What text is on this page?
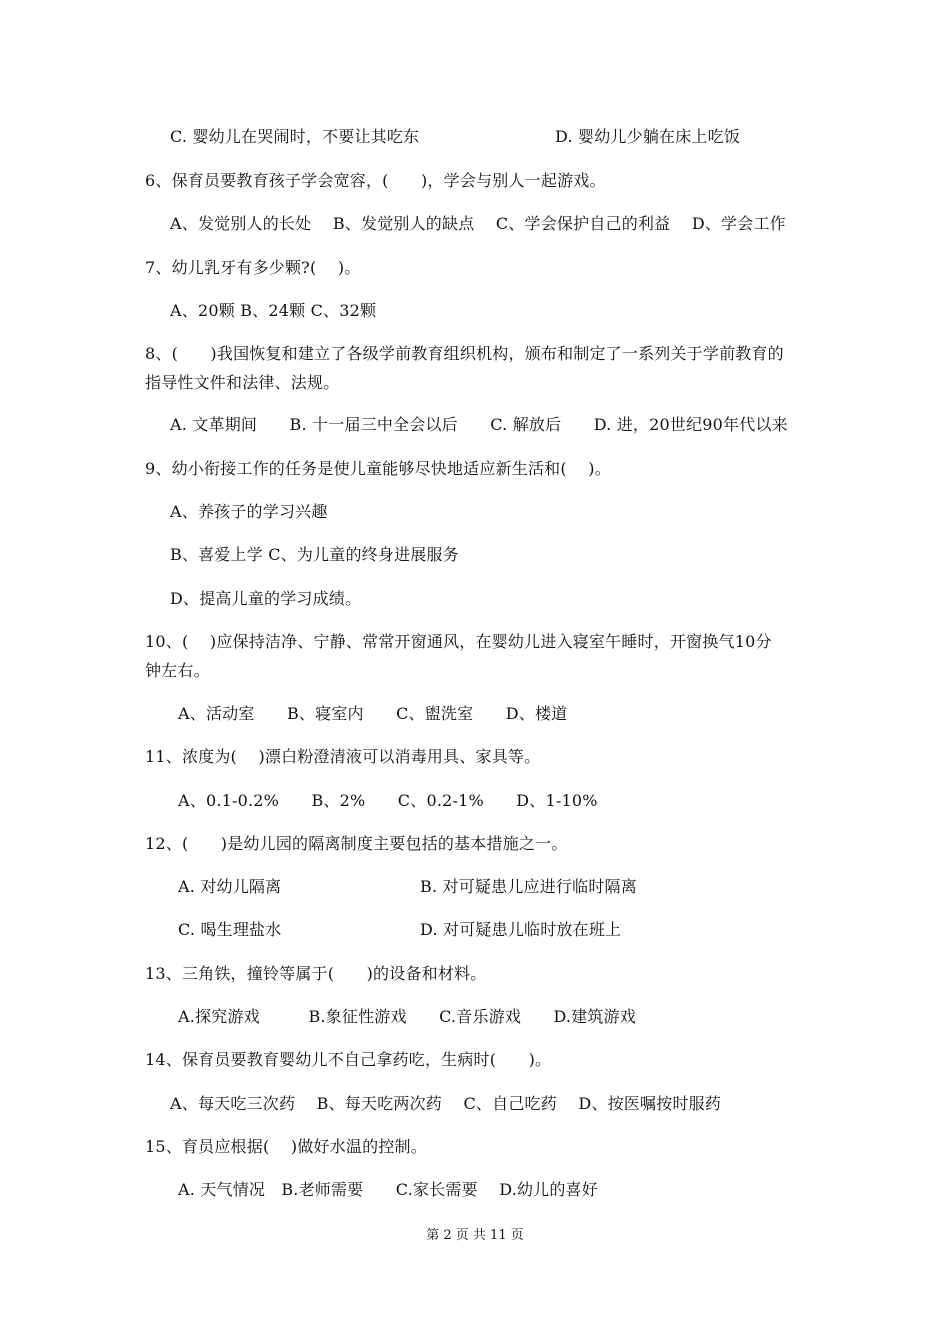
C. 婴幼儿在哭闹时，不要让其吃东	D. 婴幼儿少躺在床上吃饭
6、保育员要教育孩子学会宽容，(　　)，学会与别人一起游戏。
A、发觉别人的长处　 B、发觉别人的缺点　 C、学会保护自己的利益　 D、学会工作
7、幼儿乳牙有多少颗?(　 )。
A、20颗 B、24颗 C、32颗
8、(　　)我国恢复和建立了各级学前教育组织机构，颁布和制定了一系列关于学前教育的
指导性文件和法律、法规。
A. 文革期间　　B. 十一届三中全会以后　　C. 解放后　　D. 进，20世纪90年代以来
9、幼小衔接工作的任务是使儿童能够尽快地适应新生活和(　 )。
A、养孩子的学习兴趣
B、喜爱上学 C、为儿童的终身进展服务
D、提高儿童的学习成绩。
10、(　 )应保持洁净、宁静、常常开窗通风，在婴幼儿进入寝室午睡时，开窗换气10分
钟左右。
A、活动室　　B、寝室内　　C、盥洗室　　D、楼道
11、浓度为(　 )漂白粉澄清液可以消毒用具、家具等。
A、0.1-0.2%　　B、2%　　C、0.2-1%　　D、1-10%
12、(　　)是幼儿园的隔离制度主要包括的基本措施之一。
A. 对幼儿隔离	B. 对可疑患儿应进行临时隔离
C. 喝生理盐水	D. 对可疑患儿临时放在班上
13、三角铁，撞铃等属于(　　)的设备和材料。
A.探究游戏　　　B.象征性游戏　　C.音乐游戏　　D.建筑游戏
14、保育员要教育婴幼儿不自己拿药吃，生病时(　　)。
A、每天吃三次药　 B、每天吃两次药　 C、自己吃药　 D、按医嘱按时服药
15、育员应根据(　 )做好水温的控制。
A. 天气情况　B.老师需要　　C.家长需要　 D.幼儿的喜好
第 2 页 共 11 页
